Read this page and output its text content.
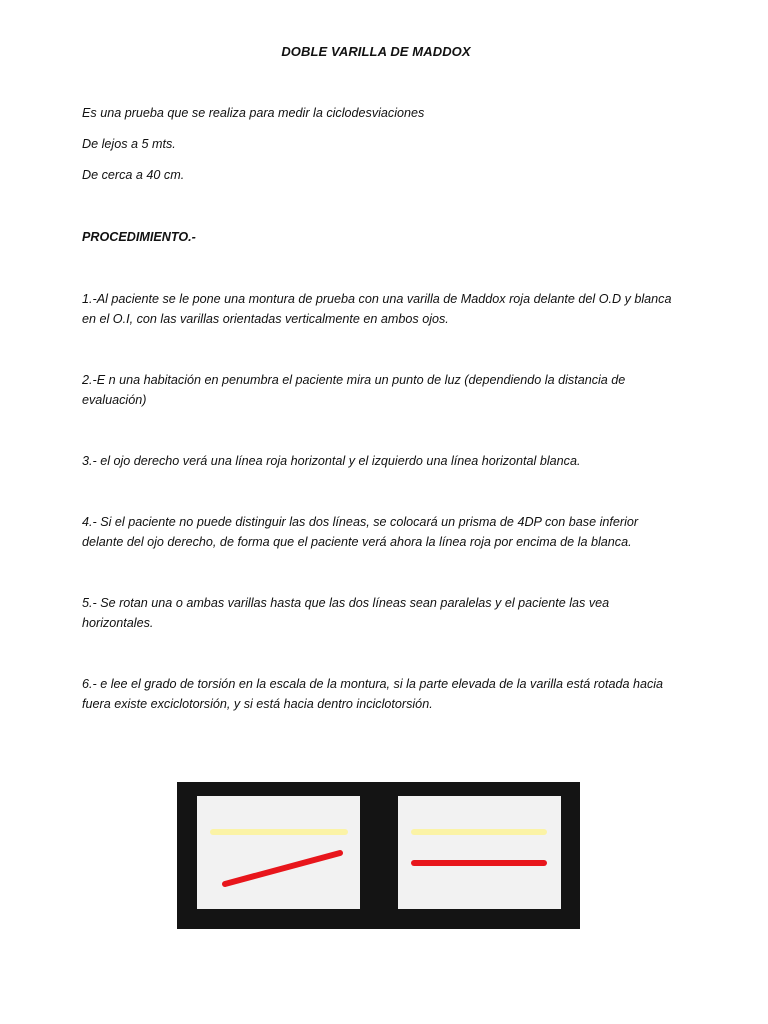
DOBLE VARILLA DE MADDOX
Es una prueba que se realiza para medir la ciclodesviaciones
De lejos a 5 mts.
De cerca a 40 cm.
PROCEDIMIENTO.-
1.-Al paciente se le pone una montura de prueba con una varilla de Maddox roja delante del O.D y blanca en el O.I, con las varillas orientadas verticalmente en ambos ojos.
2.-E n una habitación en penumbra el paciente mira un punto de luz (dependiendo la distancia de evaluación)
3.- el ojo derecho verá una línea roja horizontal y el izquierdo una línea horizontal blanca.
4.- Si el paciente no puede distinguir las dos líneas, se colocará un prisma de 4DP con base inferior delante del ojo derecho, de forma que el paciente verá ahora la línea roja por encima de la blanca.
5.- Se rotan una o ambas varillas hasta que las dos líneas sean paralelas y el paciente las vea horizontales.
6.- e lee el grado de torsión en la escala de la montura, si la parte elevada de la varilla está rotada hacia fuera existe exciclotorsión, y si está hacia dentro inciclotorsión.
